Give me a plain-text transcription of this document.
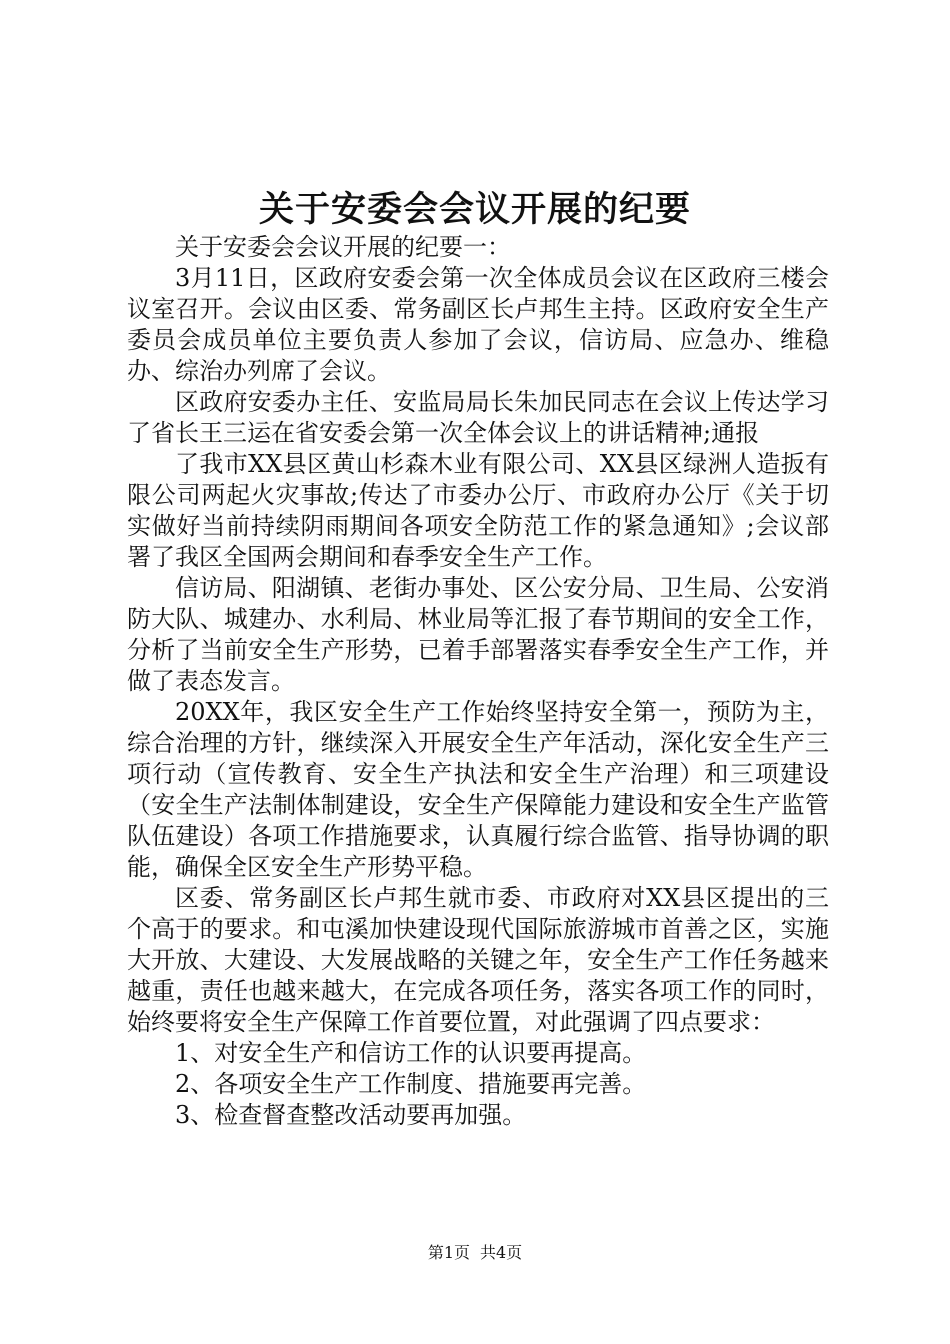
关于安委会会议开展的纪要

关于安委会会议开展的纪要一：

3月11日，区政府安委会第一次全体成员会议在区政府三楼会议室召开。会议由区委、常务副区长卢邦生主持。区政府安全生产委员会成员单位主要负责人参加了会议，信访局、应急办、维稳办、综治办列席了会议。

区政府安委办主任、安监局局长朱加民同志在会议上传达学习了省长王三运在省安委会第一次全体会议上的讲话精神;通报

了我市XX县区黄山杉森木业有限公司、XX县区绿洲人造扳有限公司两起火灾事故;传达了市委办公厅、市政府办公厅《关于切实做好当前持续阴雨期间各项安全防范工作的紧急通知》;会议部署了我区全国两会期间和春季安全生产工作。

信访局、阳湖镇、老街办事处、区公安分局、卫生局、公安消防大队、城建办、水利局、林业局等汇报了春节期间的安全工作，分析了当前安全生产形势，已着手部署落实春季安全生产工作，并做了表态发言。

20XX年，我区安全生产工作始终坚持安全第一，预防为主，综合治理的方针，继续深入开展安全生产年活动，深化安全生产三项行动（宣传教育、安全生产执法和安全生产治理）和三项建设（安全生产法制体制建设，安全生产保障能力建设和安全生产监管队伍建设）各项工作措施要求，认真履行综合监管、指导协调的职能，确保全区安全生产形势平稳。

区委、常务副区长卢邦生就市委、市政府对XX县区提出的三个高于的要求。和屯溪加快建设现代国际旅游城市首善之区，实施大开放、大建设、大发展战略的关键之年，安全生产工作任务越来越重，责任也越来越大，在完成各项任务，落实各项工作的同时，始终要将安全生产保障工作首要位置，对此强调了四点要求：

1、对安全生产和信访工作的认识要再提高。

2、各项安全生产工作制度、措施要再完善。

3、检查督查整改活动要再加强。

第1页 共4页
